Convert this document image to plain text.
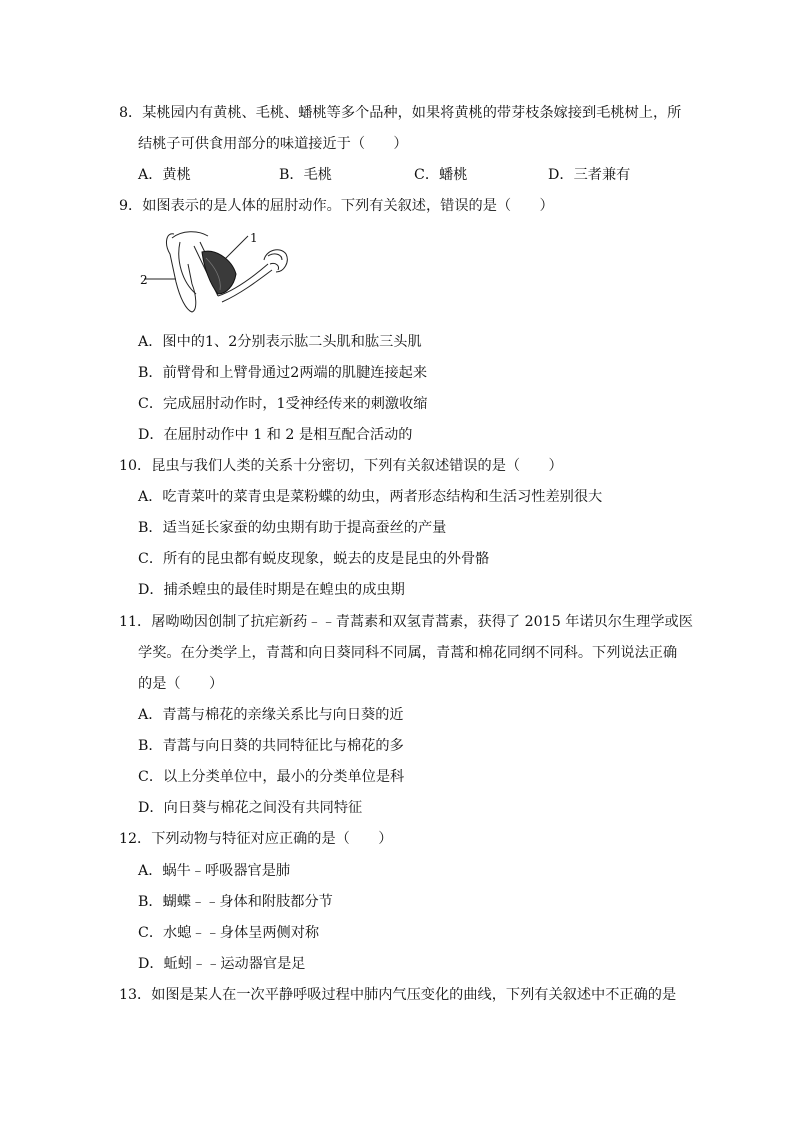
8．某桃园内有黄桃、毛桃、蟠桃等多个品种，如果将黄桃的带芽枝条嫁接到毛桃树上，所
结桃子可供食用部分的味道接近于（　　）
A．黄桃	B．毛桃	C．蟠桃	D．三者兼有
9．如图表示的是人体的屈肘动作。下列有关叙述，错误的是（　　）
1
2
A．图中的1、2分别表示肱二头肌和肱三头肌
B．前臂骨和上臂骨通过2两端的肌腱连接起来
C．完成屈肘动作时，1受神经传来的刺激收缩
D．在屈肘动作中 1 和 2 是相互配合活动的
10．昆虫与我们人类的关系十分密切，下列有关叙述错误的是（　　）
A．吃青菜叶的菜青虫是菜粉蝶的幼虫，两者形态结构和生活习性差别很大
B．适当延长家蚕的幼虫期有助于提高蚕丝的产量
C．所有的昆虫都有蜕皮现象，蜕去的皮是昆虫的外骨骼
D．捕杀蝗虫的最佳时期是在蝗虫的成虫期
11．屠呦呦因创制了抗疟新药﹣﹣青蒿素和双氢青蒿素，获得了 2015 年诺贝尔生理学或医
学奖。在分类学上，青蒿和向日葵同科不同属，青蒿和棉花同纲不同科。下列说法正确
的是（　　）
A．青蒿与棉花的亲缘关系比与向日葵的近
B．青蒿与向日葵的共同特征比与棉花的多
C．以上分类单位中，最小的分类单位是科
D．向日葵与棉花之间没有共同特征
12．下列动物与特征对应正确的是（　　）
A．蜗牛﹣呼吸器官是肺
B．蝴蝶﹣﹣身体和附肢都分节
C．水螅﹣﹣身体呈两侧对称
D．蚯蚓﹣﹣运动器官是足
13．如图是某人在一次平静呼吸过程中肺内气压变化的曲线，下列有关叙述中不正确的是
